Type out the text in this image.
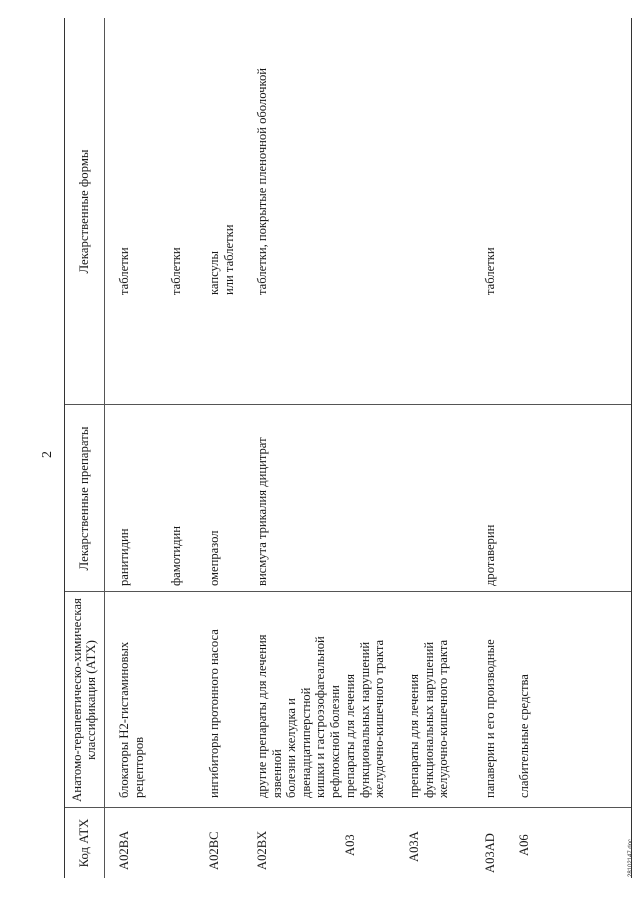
2
Код АТХ
Анатомо-терапевтическо-химическая
классификация (АТХ)
Лекарственные препараты
Лекарственные формы
A02BA
блокаторы Н2-гистаминовых
рецепторов
ранитидин
таблетки
фамотидин
таблетки
A02BC
ингибиторы протонного насоса
омепразол
капсулы
или таблетки
A02BX
другие препараты для лечения язвенной
болезни желудка и двенадцатиперстной
кишки и гастроэзофагеальной
рефлюксной болезни
висмута трикалия дицитрат
таблетки, покрытые пленочной оболочкой
A03
препараты для лечения
функциональных нарушений
желудочно-кишечного тракта
A03A
препараты для лечения
функциональных нарушений
желудочно-кишечного тракта
A03AD
папаверин и его производные
дротаверин
таблетки
A06
слабительные средства
28102147.doc
